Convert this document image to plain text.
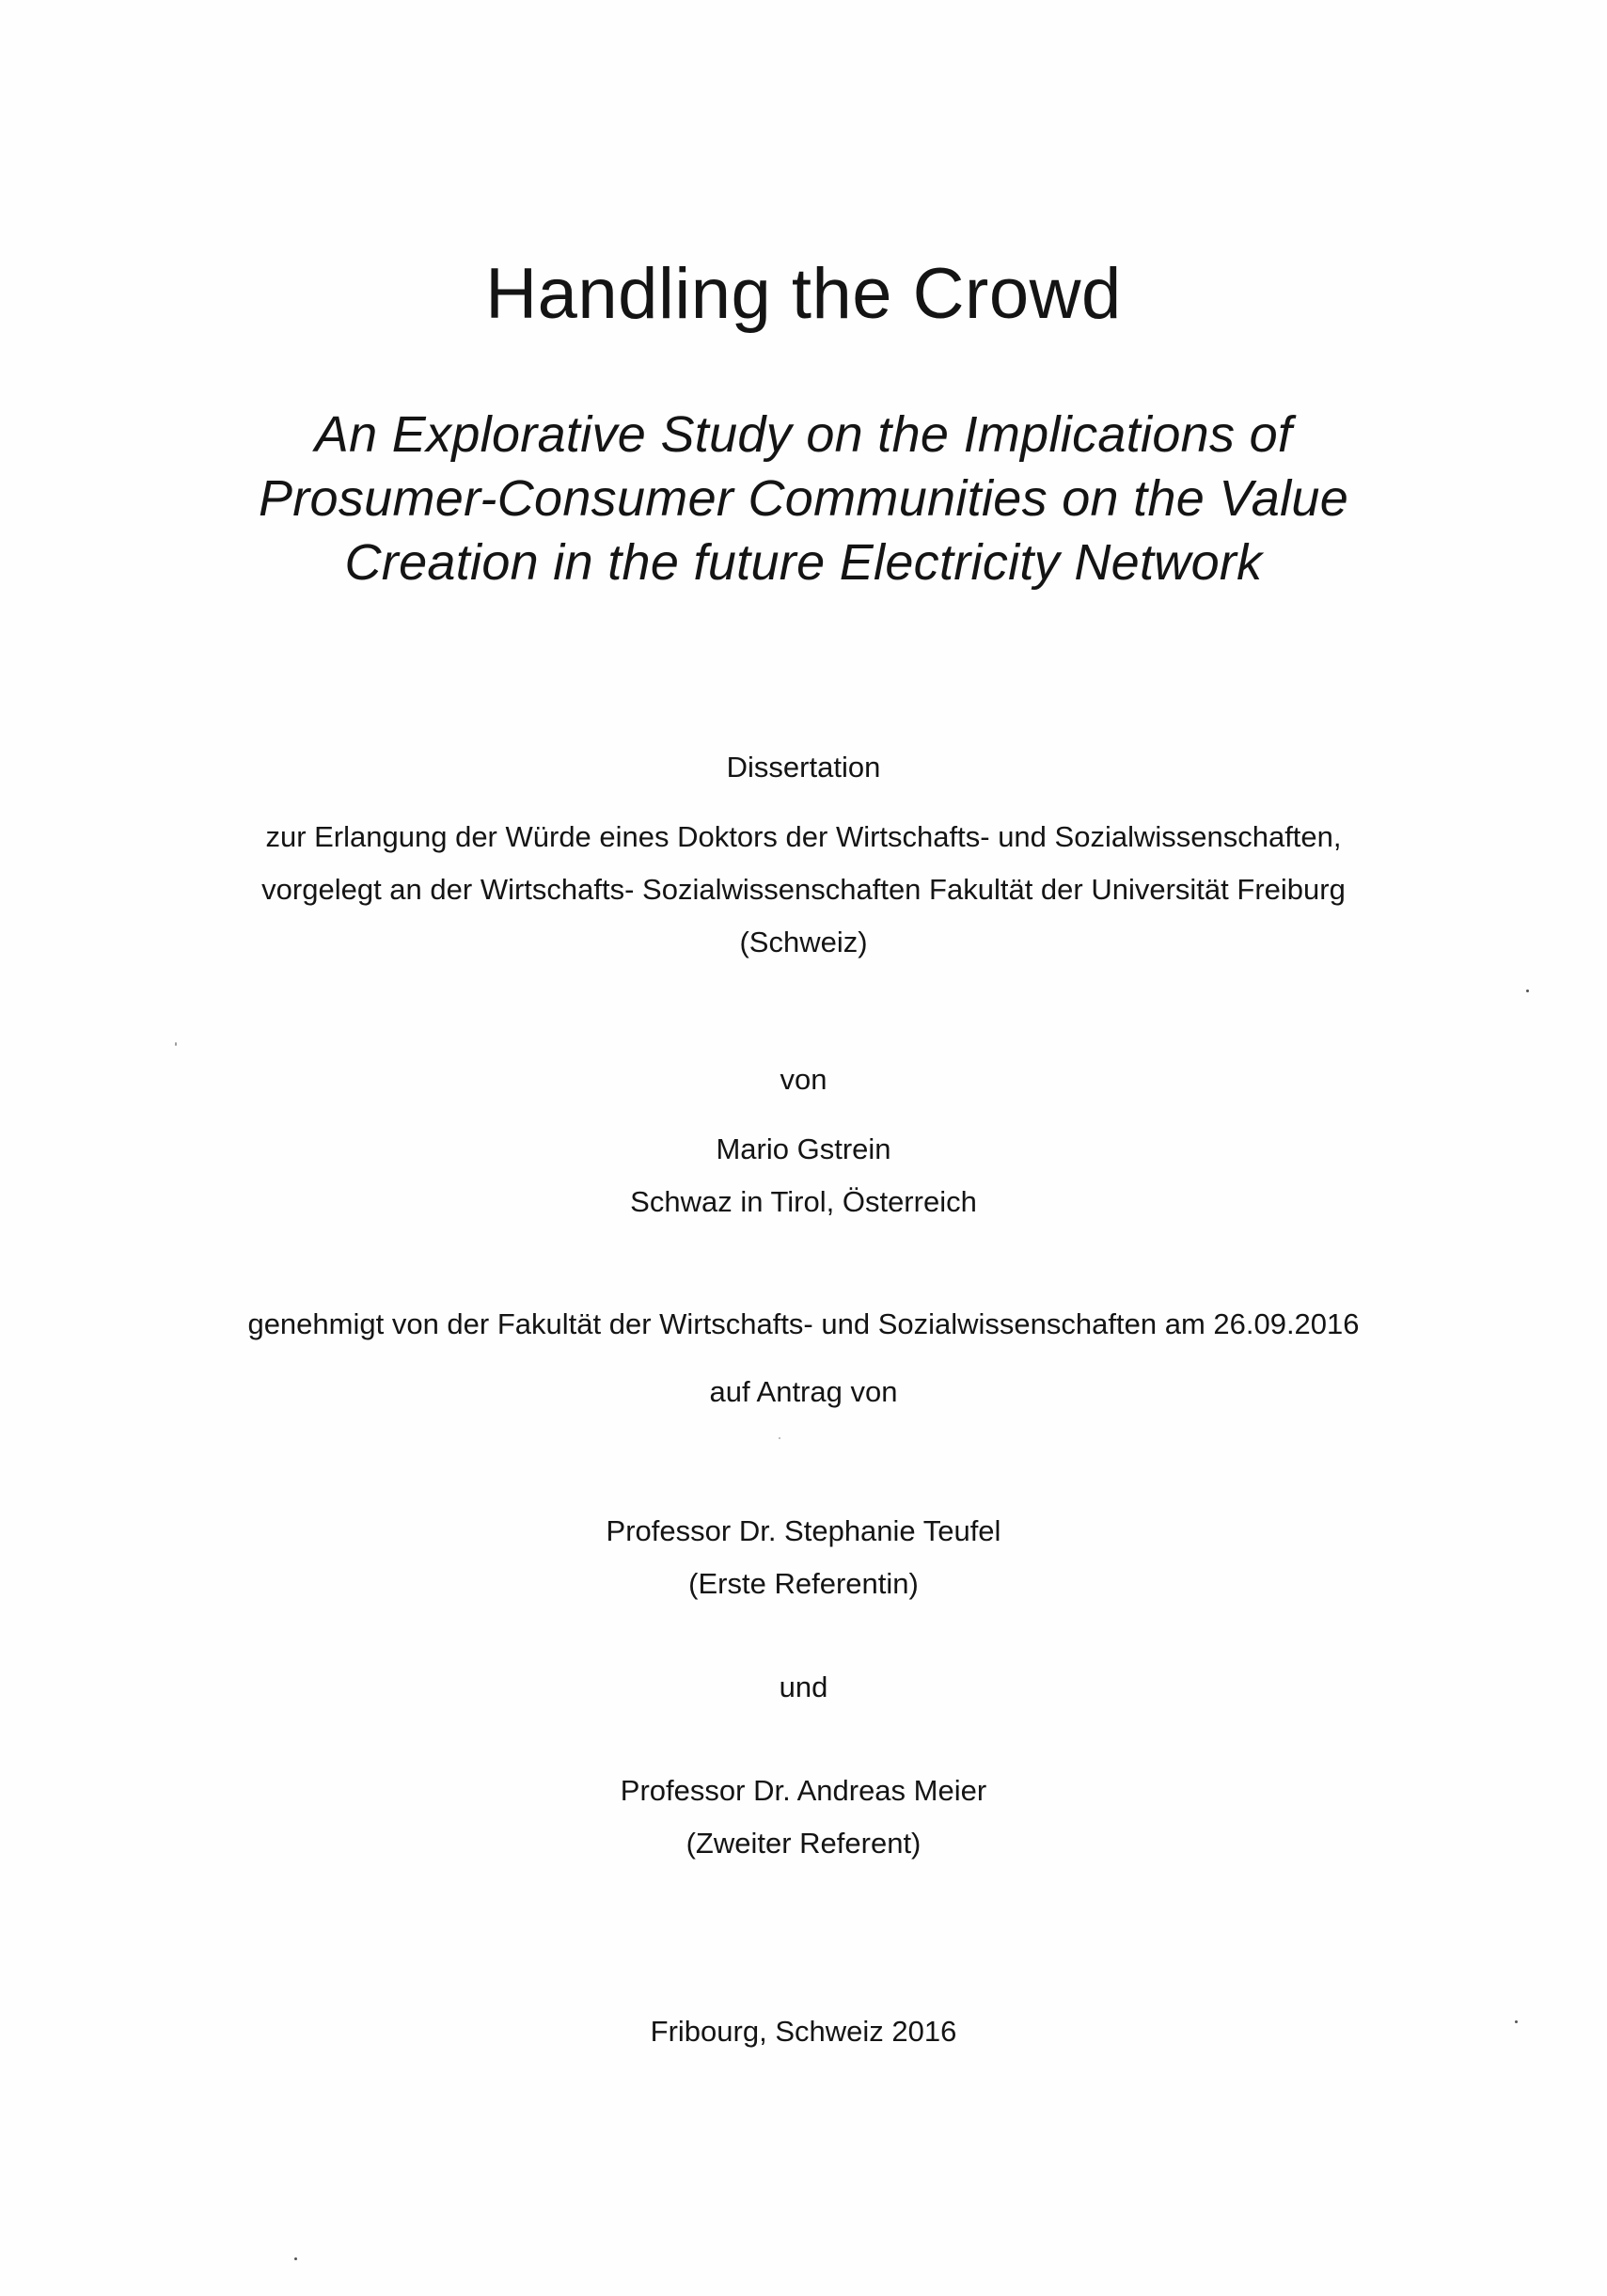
Handling the Crowd

An Explorative Study on the Implications of

Prosumer-Consumer Communities on the Value

Creation in the future Electricity Network

Dissertation

zur Erlangung der Würde eines Doktors der Wirtschafts- und Sozialwissenschaften,

vorgelegt an der Wirtschafts- Sozialwissenschaften Fakultät der Universität Freiburg

(Schweiz)

von

Mario Gstrein

Schwaz in Tirol, Österreich

genehmigt von der Fakultät der Wirtschafts- und Sozialwissenschaften am 26.09.2016

auf Antrag von

Professor Dr. Stephanie Teufel

(Erste Referentin)

und

Professor Dr. Andreas Meier

(Zweiter Referent)

Fribourg, Schweiz 2016
